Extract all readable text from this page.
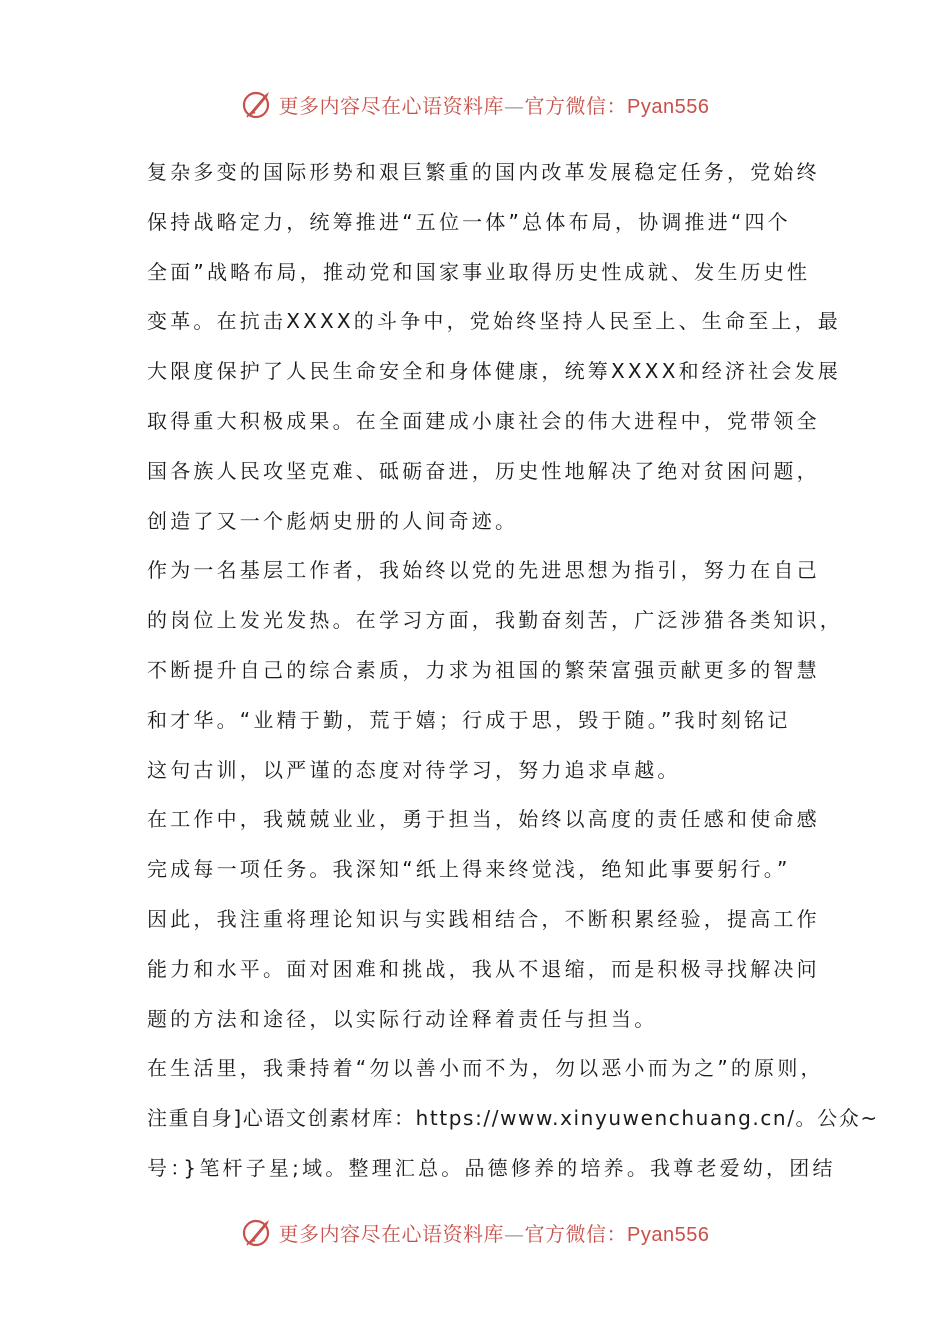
更多内容尽在心语资料库—官方微信：Pyan556
复杂多变的国际形势和艰巨繁重的国内改革发展稳定任务，党始终
保持战略定力，统筹推进“五位一体”总体布局，协调推进“四个
全面”战略布局，推动党和国家事业取得历史性成就、发生历史性
变革。在抗击XXXX的斗争中，党始终坚持人民至上、生命至上，最
大限度保护了人民生命安全和身体健康，统筹XXXX和经济社会发展
取得重大积极成果。在全面建成小康社会的伟大进程中，党带领全
国各族人民攻坚克难、砥砺奋进，历史性地解决了绝对贫困问题，
创造了又一个彪炳史册的人间奇迹。
作为一名基层工作者，我始终以党的先进思想为指引，努力在自己
的岗位上发光发热。在学习方面，我勤奋刻苦，广泛涉猎各类知识，
不断提升自己的综合素质，力求为祖国的繁荣富强贡献更多的智慧
和才华。“业精于勤，荒于嬉；行成于思，毁于随。”我时刻铭记
这句古训，以严谨的态度对待学习，努力追求卓越。
在工作中，我兢兢业业，勇于担当，始终以高度的责任感和使命感
完成每一项任务。我深知“纸上得来终觉浅，绝知此事要躬行。”
因此，我注重将理论知识与实践相结合，不断积累经验，提高工作
能力和水平。面对困难和挑战，我从不退缩，而是积极寻找解决问
题的方法和途径，以实际行动诠释着责任与担当。
在生活里，我秉持着“勿以善小而不为，勿以恶小而为之”的原则，
注重自身]心语文创素材库：https://www.xinyuwenchuang.cn/。公众~
号：}笔杆子星;域。整理汇总。品德修养的培养。我尊老爱幼，团结
更多内容尽在心语资料库—官方微信：Pyan556
